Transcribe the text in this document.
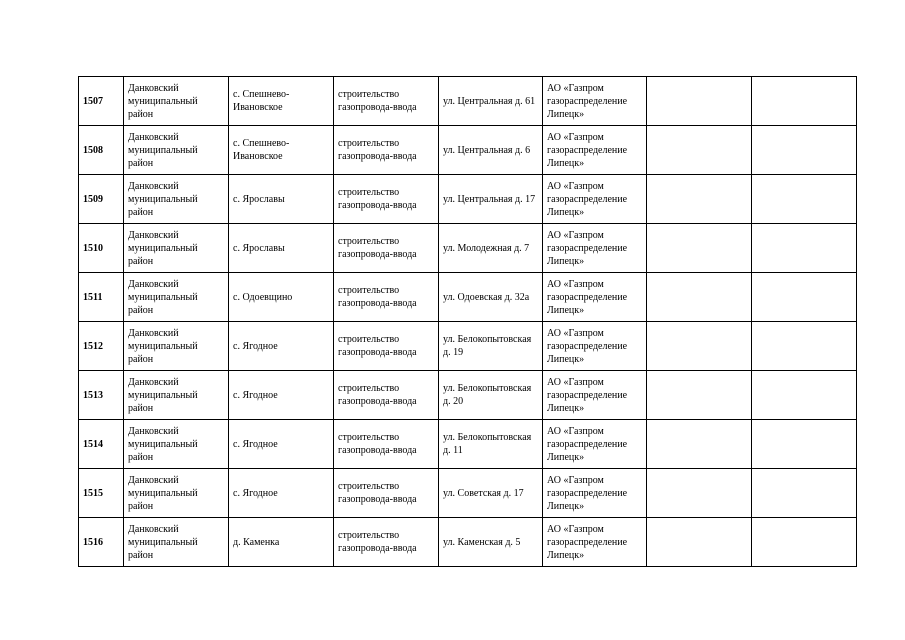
1507	Данковский муниципальный район	с. Спешнево-Ивановское	строительство газопровода-ввода	ул. Центральная д. 61	АО «Газпром газораспределение Липецк»		
1508	Данковский муниципальный район	с. Спешнево-Ивановское	строительство газопровода-ввода	ул. Центральная д. 6	АО «Газпром газораспределение Липецк»		
1509	Данковский муниципальный район	с. Ярославы	строительство газопровода-ввода	ул. Центральная д. 17	АО «Газпром газораспределение Липецк»		
1510	Данковский муниципальный район	с. Ярославы	строительство газопровода-ввода	ул. Молодежная д. 7	АО «Газпром газораспределение Липецк»		
1511	Данковский муниципальный район	с. Одоевщино	строительство газопровода-ввода	ул. Одоевская д. 32а	АО «Газпром газораспределение Липецк»		
1512	Данковский муниципальный район	с. Ягодное	строительство газопровода-ввода	ул. Белокопытовская д. 19	АО «Газпром газораспределение Липецк»		
1513	Данковский муниципальный район	с. Ягодное	строительство газопровода-ввода	ул. Белокопытовская д. 20	АО «Газпром газораспределение Липецк»		
1514	Данковский муниципальный район	с. Ягодное	строительство газопровода-ввода	ул. Белокопытовская д. 11	АО «Газпром газораспределение Липецк»		
1515	Данковский муниципальный район	с. Ягодное	строительство газопровода-ввода	ул. Советская д. 17	АО «Газпром газораспределение Липецк»		
1516	Данковский муниципальный район	д. Каменка	строительство газопровода-ввода	ул. Каменская д. 5	АО «Газпром газораспределение Липецк»		
